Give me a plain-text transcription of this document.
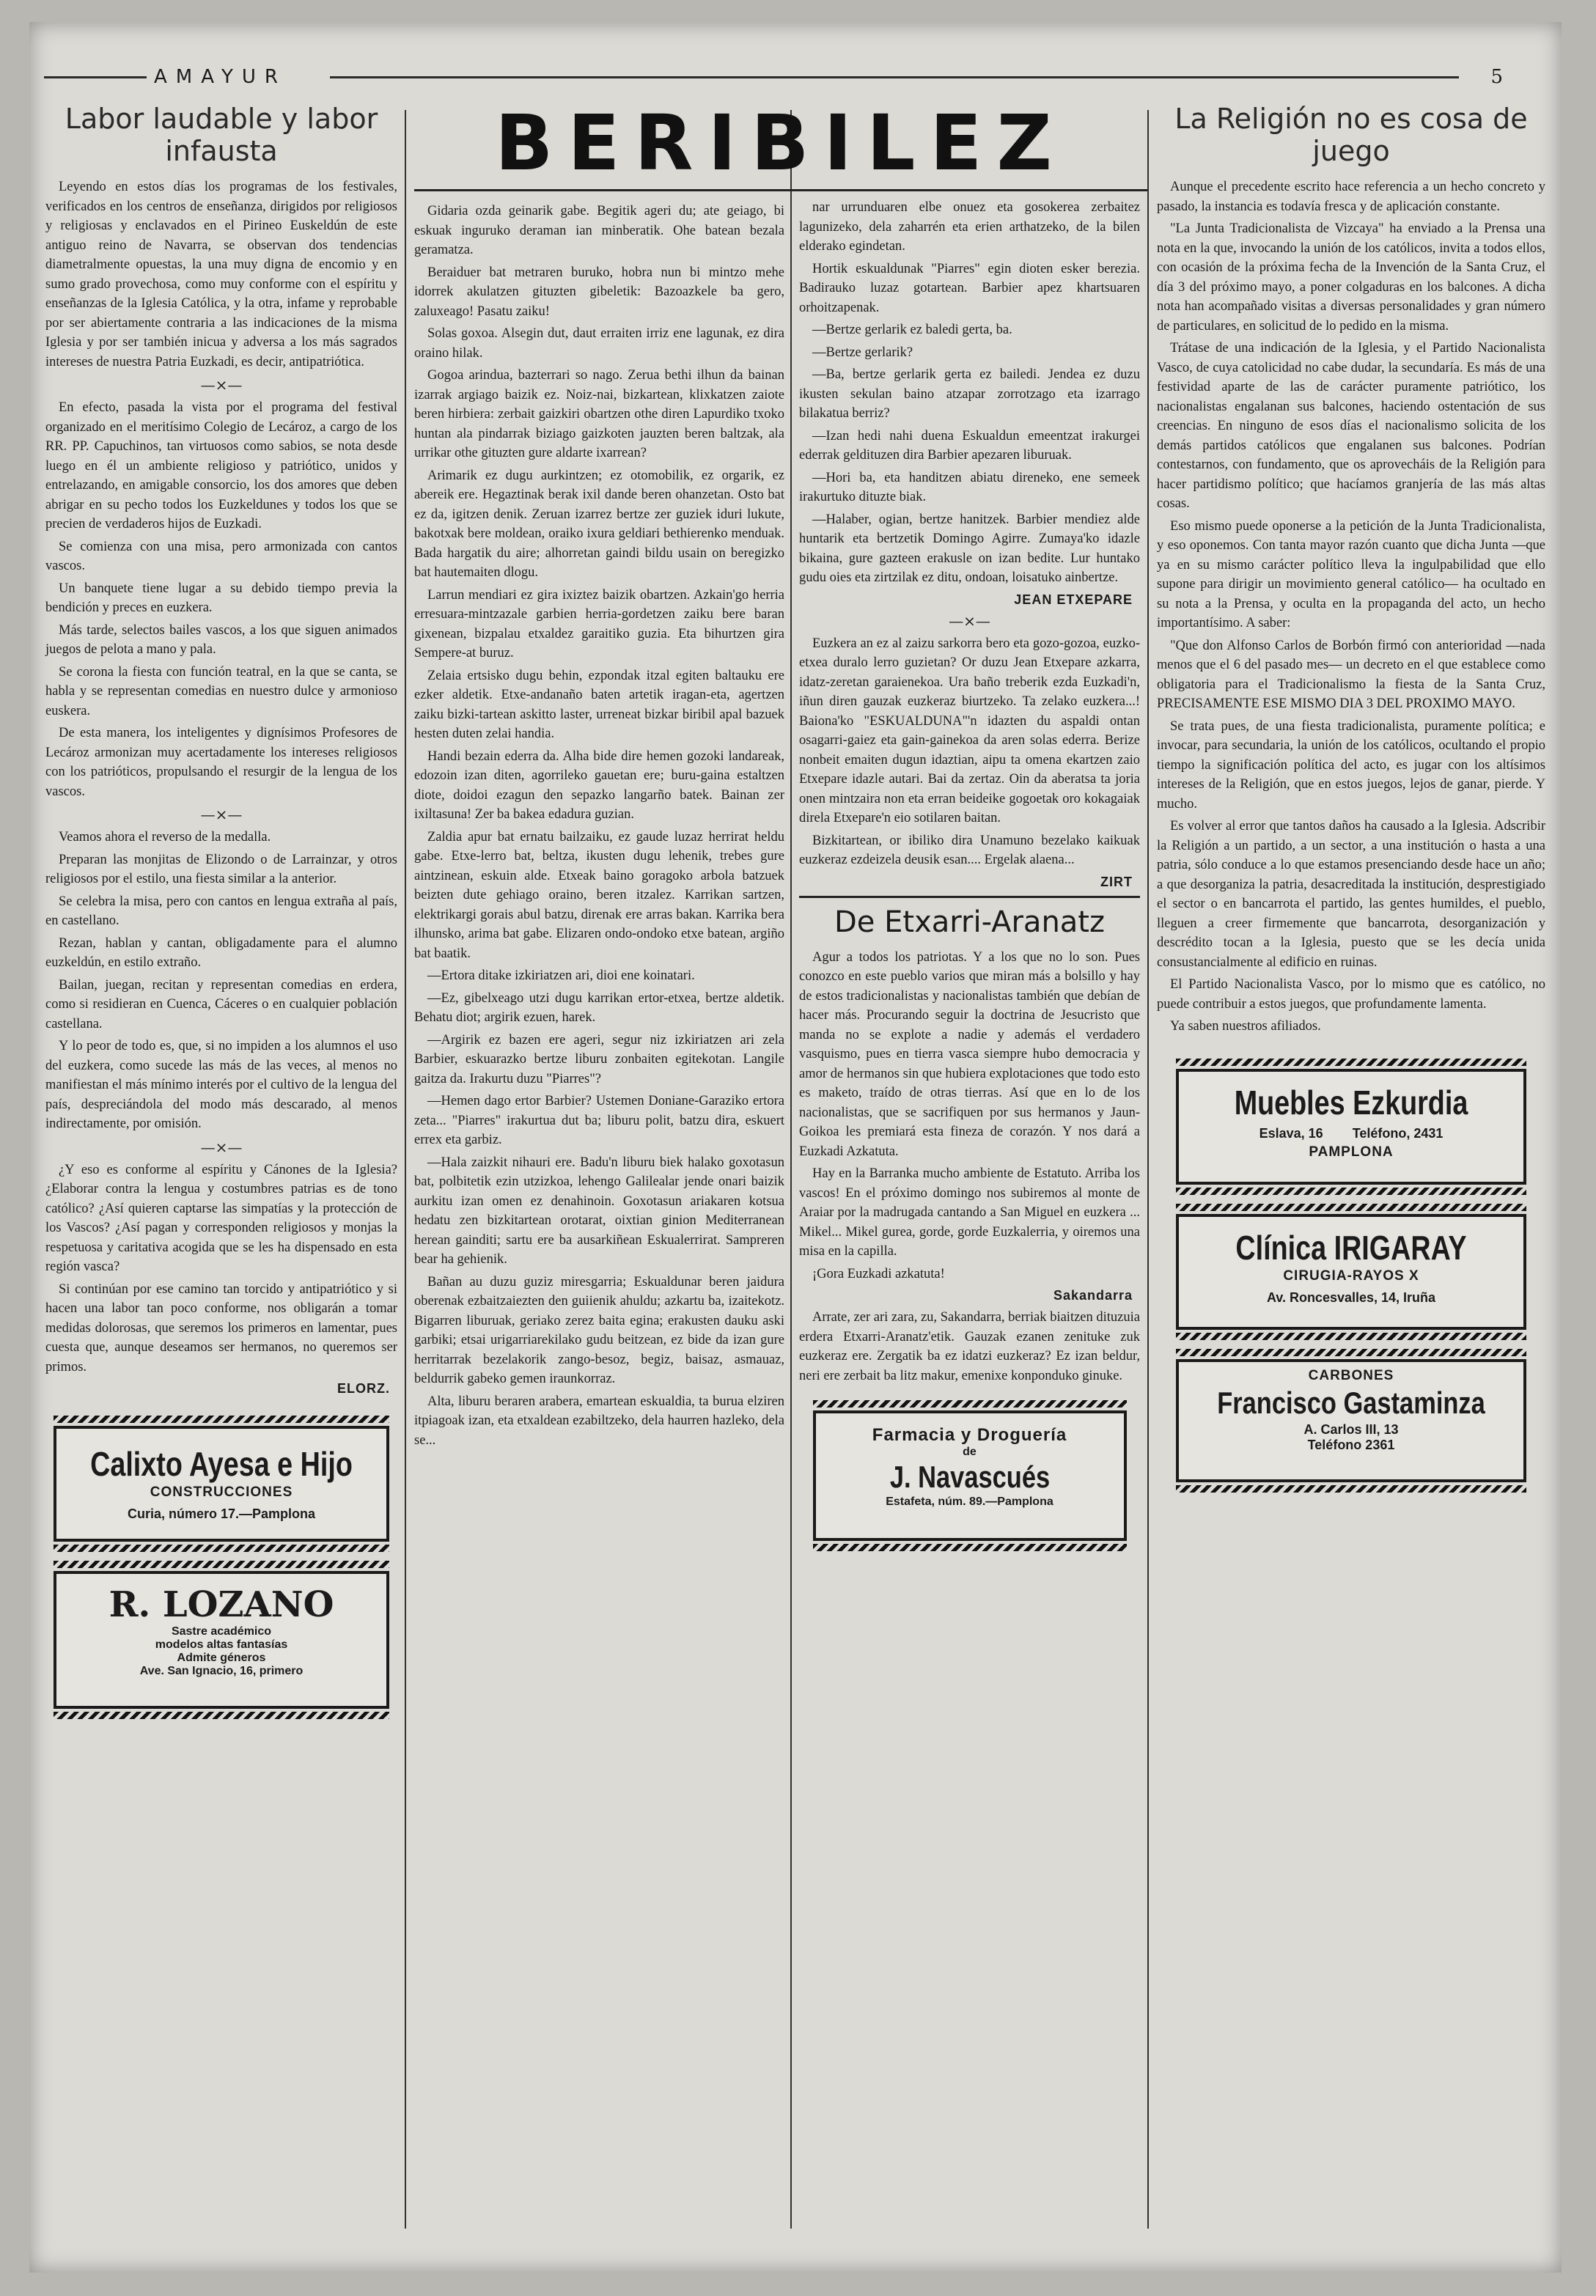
AMAYUR	5
Labor laudable y labor infausta

Leyendo en estos días los programas de los festivales, verificados en los centros de enseñanza, dirigidos por religiosos y religiosas y enclavados en el Pirineo Euskeldún de este antiguo reino de Navarra, se observan dos tendencias diametralmente opuestas, la una muy digna de encomio y en sumo grado provechosa, como muy conforme con el espíritu y enseñanzas de la Iglesia Católica, y la otra, infame y reprobable por ser abiertamente contraria a las indicaciones de la misma Iglesia y por ser también inicua y adversa a los más sagrados intereses de nuestra Patria Euzkadi, es decir, antipatriótica.

—×—

En efecto, pasada la vista por el programa del festival organizado en el meritísimo Colegio de Lecároz, a cargo de los RR. PP. Capuchinos, tan virtuosos como sabios, se nota desde luego en él un ambiente religioso y patriótico, unidos y entrelazando, en amigable consorcio, los dos amores que deben abrigar en su pecho todos los Euzkeldunes y todos los que se precien de verdaderos hijos de Euzkadi.

Se comienza con una misa, pero armonizada con cantos vascos.

Un banquete tiene lugar a su debido tiempo previa la bendición y preces en euzkera.

Más tarde, selectos bailes vascos, a los que siguen animados juegos de pelota a mano y pala.

Se corona la fiesta con función teatral, en la que se canta, se habla y se representan comedias en nuestro dulce y armonioso euskera.

De esta manera, los inteligentes y dignísimos Profesores de Lecároz armonizan muy acertadamente los intereses religiosos con los patrióticos, propulsando el resurgir de la lengua de los vascos.

—×—

Veamos ahora el reverso de la medalla.

Preparan las monjitas de Elizondo o de Larrainzar, y otros religiosos por el estilo, una fiesta similar a la anterior.

Se celebra la misa, pero con cantos en lengua extraña al país, en castellano.

Rezan, hablan y cantan, obligadamente para el alumno euzkeldún, en estilo extraño.

Bailan, juegan, recitan y representan comedias en erdera, como si residieran en Cuenca, Cáceres o en cualquier población castellana.

Y lo peor de todo es, que, si no impiden a los alumnos el uso del euzkera, como sucede las más de las veces, al menos no manifiestan el más mínimo interés por el cultivo de la lengua del país, despreciándola del modo más descarado, al menos indirectamente, por omisión.

—×—

¿Y eso es conforme al espíritu y Cánones de la Iglesia? ¿Elaborar contra la lengua y costumbres patrias es de tono católico? ¿Así quieren captarse las simpatías y la protección de los Vascos? ¿Así pagan y corresponden religiosos y monjas la respetuosa y caritativa acogida que se les ha dispensado en esta región vasca?

Si continúan por ese camino tan torcido y antipatriótico y si hacen una labor tan poco conforme, nos obligarán a tomar medidas dolorosas, que seremos los primeros en lamentar, pues cuesta que, aunque deseamos ser hermanos, no queremos ser primos.

ELORZ.
Calixto Ayesa e Hijo
CONSTRUCCIONES
Curia, número 17.—Pamplona
R. LOZANO
Sastre académico
modelos altas fantasías
Admite géneros
Ave. San Ignacio, 16, primero
BERIBILEZ

Gidaria ozda geinarik gabe. Begitik ageri du; ate geiago, bi eskuak inguruko deraman ian minberatik. Ohe batean bezala geramatza.

Beraiduer bat metraren buruko, hobra nun bi mintzo mehe idorrek akulatzen gituzten gibeletik: Bazoazkele ba gero, zaluxeago! Pasatu zaiku!

Solas goxoa. Alsegin dut, daut erraiten irriz ene lagunak, ez dira oraino hilak.

Gogoa arindua, bazterrari so nago. Zerua bethi ilhun da bainan izarrak argiago baizik ez. Noiz-nai, bizkartean, klixkatzen zaiote beren hirbiera: zerbait gaizkiri obartzen othe diren Lapurdiko txoko huntan ala pindarrak biziago gaizkoten jauzten beren baltzak, ala urrikar othe gituzten gure aldarte ixarrean?

Arimarik ez dugu aurkintzen; ez otomobilik, ez orgarik, ez abereik ere. Hegaztinak berak ixil dande beren ohanzetan. Osto bat ez da, igitzen denik. Zeruan izarrez bertze zer guziek iduri lukute, bakotxak bere moldean, oraiko ixura geldiari bethierenko menduak. Bada hargatik du aire; alhorretan gaindi bildu usain on beregizko bat hautemaiten dlogu.

Larrun mendiari ez gira ixiztez baizik obartzen. Azkain'go herria erresuara-mintzazale garbien herria-gordetzen zaiku bere baran gixenean, bizpalau etxaldez garaitiko guzia. Eta bihurtzen gira Sempere-at buruz.

Zelaia ertsisko dugu behin, ezpondak itzal egiten baltauku ere ezker aldetik. Etxe-andanaño baten artetik iragan-eta, agertzen zaiku bizki-tartean askitto laster, urreneat bizkar biribil apal bazuek hesten duten zelai handia.

Handi bezain ederra da. Alha bide dire hemen gozoki landareak, edozoin izan diten, agorrileko gauetan ere; buru-gaina estaltzen diote, doidoi ezagun den sepazko langarño batek. Bainan zer ixiltasuna! Zer ba bakea edadura guzian.

Zaldia apur bat ernatu bailzaiku, ez gaude luzaz herrirat heldu gabe. Etxe-lerro bat, beltza, ikusten dugu lehenik, trebes gure aintzinean, eskuin alde. Etxeak baino goragoko arbola batzuek beizten dute gehiago oraino, beren itzalez. Karrikan sartzen, elektrikargi gorais abul batzu, direnak ere arras bakan. Karrika bera ilhunsko, arima bat gabe. Elizaren ondo-ondoko etxe batean, argiño bat baatik.

—Ertora ditake izkiriatzen ari, dioi ene koinatari.

—Ez, gibelxeago utzi dugu karrikan ertor-etxea, bertze aldetik. Behatu diot; argirik ezuen, harek.

—Argirik ez bazen ere ageri, segur niz izkiriatzen ari zela Barbier, eskuarazko bertze liburu zonbaiten egitekotan. Langile gaitza da. Irakurtu duzu "Piarres"?

—Hemen dago ertor Barbier? Ustemen Doniane-Garaziko ertora zeta... "Piarres" irakurtua dut ba; liburu polit, batzu dira, eskuert errex eta garbiz.

—Hala zaizkit nihauri ere. Badu'n liburu biek halako goxotasun bat, polbitetik ezin utzizkoa, lehengo Galilealar jende onari baizik aurkitu izan omen ez denahinoin. Goxotasun ariakaren kotsua hedatu zen bizkitartean orotarat, oixtian ginion Mediterranean herean gainditi; sartu ere ba ausarkiñean Eskualerrirat. Sampreren bear ha gehienik.

Bañan au duzu guziz miresgarria; Eskualdunar beren jaidura oberenak ezbaitzaiezten den guiienik ahuldu; azkartu ba, izaitekotz. Bigarren liburuak, geriako zerez baita egina; erakusten dauku aski garbiki; etsai urigarriarekilako gudu beitzean, ez bide da izan gure herritarrak bezelakorik zango-besoz, begiz, baisaz, asmauaz, beldurrik gabeko gemen iraunkorraz.

Alta, liburu beraren arabera, emartean eskualdia, ta burua elziren itpiagoak izan, eta etxaldean ezabiltzeko, dela haurren hazleko, dela se...

nar urrunduaren elbe onuez eta gosokerea zerbaitez lagunizeko, dela zaharrén eta erien arthatzeko, de la bilen elderako egindetan.

Hortik eskualdunak "Piarres" egin dioten esker berezia. Badirauko luzaz gotartean. Barbier apez khartsuaren orhoitzapenak.

—Bertze gerlarik ez baledi gerta, ba.

—Bertze gerlarik?

—Ba, bertze gerlarik gerta ez bailedi. Jendea ez duzu ikusten sekulan baino atzapar zorrotzago eta izarrago bilakatua berriz?

—Izan hedi nahi duena Eskualdun emeentzat irakurgei ederrak geldituzen dira Barbier apezaren liburuak.

—Hori ba, eta handitzen abiatu direneko, ene semeek irakurtuko dituzte biak.

—Halaber, ogian, bertze hanitzek. Barbier mendiez alde huntarik eta bertzetik Domingo Agirre. Zumaya'ko idazle bikaina, gure gazteen erakusle on izan bedite. Lur huntako gudu oies eta zirtzilak ez ditu, ondoan, loisatuko ainbertze.

JEAN ETXEPARE
—×—

Euzkera an ez al zaizu sarkorra bero eta gozo-gozoa, euzko-etxea duralo lerro guzietan? Or duzu Jean Etxepare azkarra, idatz-zeretan garaienekoa. Ura baño treberik ezda Euzkadi'n, iñun diren gauzak euzkeraz biurtzeko. Ta zelako euzkera...! Baiona'ko "ESKUALDUNA"'n idazten du aspaldi ontan osagarri-gaiez eta gain-gainekoa da aren solas ederra. Berize nonbeit emaiten dugun idaztian, aipu ta omena ekartzen zaio Etxepare idazle autari. Bai da zertaz. Oin da aberatsa ta joria onen mintzaira non eta erran beideike gogoetak oro kokagaiak direla Etxepare'n eio sotilaren baitan.

Bizkitartean, or ibiliko dira Unamuno bezelako kaikuak euzkeraz ezdeizela deusik esan.... Ergelak alaena...

ZIRT
De Etxarri-Aranatz

Agur a todos los patriotas. Y a los que no lo son. Pues conozco en este pueblo varios que miran más a bolsillo y hay de estos tradicionalistas y nacionalistas también que debían de hacer más. Procurando seguir la doctrina de Jesucristo que manda no se explote a nadie y además el verdadero vasquismo, pues en tierra vasca siempre hubo democracia y amor de hermanos sin que hubiera explotaciones que todo esto es maketo, traído de otras tierras. Así que en lo de los nacionalistas, que se sacrifiquen por sus hermanos y Jaun-Goikoa les premiará esta fineza de corazón. Y nos dará a Euzkadi Azkatuta.

Hay en la Barranka mucho ambiente de Estatuto. Arriba los vascos! En el próximo domingo nos subiremos al monte de Araiar por la madrugada cantando a San Miguel en euzkera ... Mikel... Mikel gurea, gorde, gorde Euzkalerria, y oiremos una misa en la capilla.

¡Gora Euzkadi azkatuta!

Sakandarra

Arrate, zer ari zara, zu, Sakandarra, berriak biaitzen dituzuia erdera Etxarri-Aranatz'etik. Gauzak ezanen zenituke zuk euzkeraz ere. Zergatik ba ez idatzi euzkeraz? Ez izan beldur, neri ere zerbait ba litz makur, emenixe konponduko ginuke.

Farmacia y Droguería
de
J. Navascués
Estafeta, núm. 89.—Pamplona
La Religión no es cosa de juego

Aunque el precedente escrito hace referencia a un hecho concreto y pasado, la instancia es todavía fresca y de aplicación constante.

"La Junta Tradicionalista de Vizcaya" ha enviado a la Prensa una nota en la que, invocando la unión de los católicos, invita a todos ellos, con ocasión de la próxima fecha de la Invención de la Santa Cruz, el día 3 del próximo mayo, a poner colgaduras en los balcones. A dicha nota han acompañado visitas a diversas personalidades y gran número de particulares, en solicitud de lo pedido en la misma.

Trátase de una indicación de la Iglesia, y el Partido Nacionalista Vasco, de cuya catolicidad no cabe dudar, la secundaría. Es más de una festividad aparte de las de carácter puramente patriótico, los nacionalistas engalanan sus balcones, haciendo ostentación de sus creencias. En ninguno de esos días el nacionalismo solicita de los demás partidos católicos que engalanen sus balcones. Podrían contestarnos, con fundamento, que os aprovecháis de la Religión para hacer partidismo político; que hacíamos granjería de las más altas cosas.

Eso mismo puede oponerse a la petición de la Junta Tradicionalista, y eso oponemos. Con tanta mayor razón cuanto que dicha Junta —que ya en su mismo carácter político lleva la ingulpabilidad que ello supone para dirigir un movimiento general católico— ha ocultado en su nota a la Prensa, y oculta en la propaganda del acto, un hecho importantísimo. A saber:

"Que don Alfonso Carlos de Borbón firmó con anterioridad —nada menos que el 6 del pasado mes— un decreto en el que establece como obligatoria para el Tradicionalismo la fiesta de la Santa Cruz, PRECISAMENTE ESE MISMO DIA 3 DEL PROXIMO MAYO.

Se trata pues, de una fiesta tradicionalista, puramente política; e invocar, para secundaria, la unión de los católicos, ocultando el propio tiempo la significación política del acto, es jugar con los altísimos intereses de la Religión, que en estos juegos, lejos de ganar, pierde. Y mucho.

Es volver al error que tantos daños ha causado a la Iglesia. Adscribir la Religión a un partido, a un sector, a una institución o hasta a una patria, sólo conduce a lo que estamos presenciando desde hace un año; a que desorganiza la patria, desacreditada la institución, desprestigiado el sector o en bancarrota el partido, las gentes humildes, el pueblo, lleguen a creer firmemente que bancarrota, desorganización y descrédito tocan a la Iglesia, puesto que se les decía unida consustancialmente al edificio en ruinas.

El Partido Nacionalista Vasco, por lo mismo que es católico, no puede contribuir a estos juegos, que profundamente lamenta.

Ya saben nuestros afiliados.

Muebles Ezkurdia
Eslava, 16 Teléfono, 2431
PAMPLONA
Clínica IRIGARAY
CIRUGIA-RAYOS X
Av. Roncesvalles, 14, Iruña
CARBONES
Francisco Gastaminza
A. Carlos III, 13
Teléfono 2361
